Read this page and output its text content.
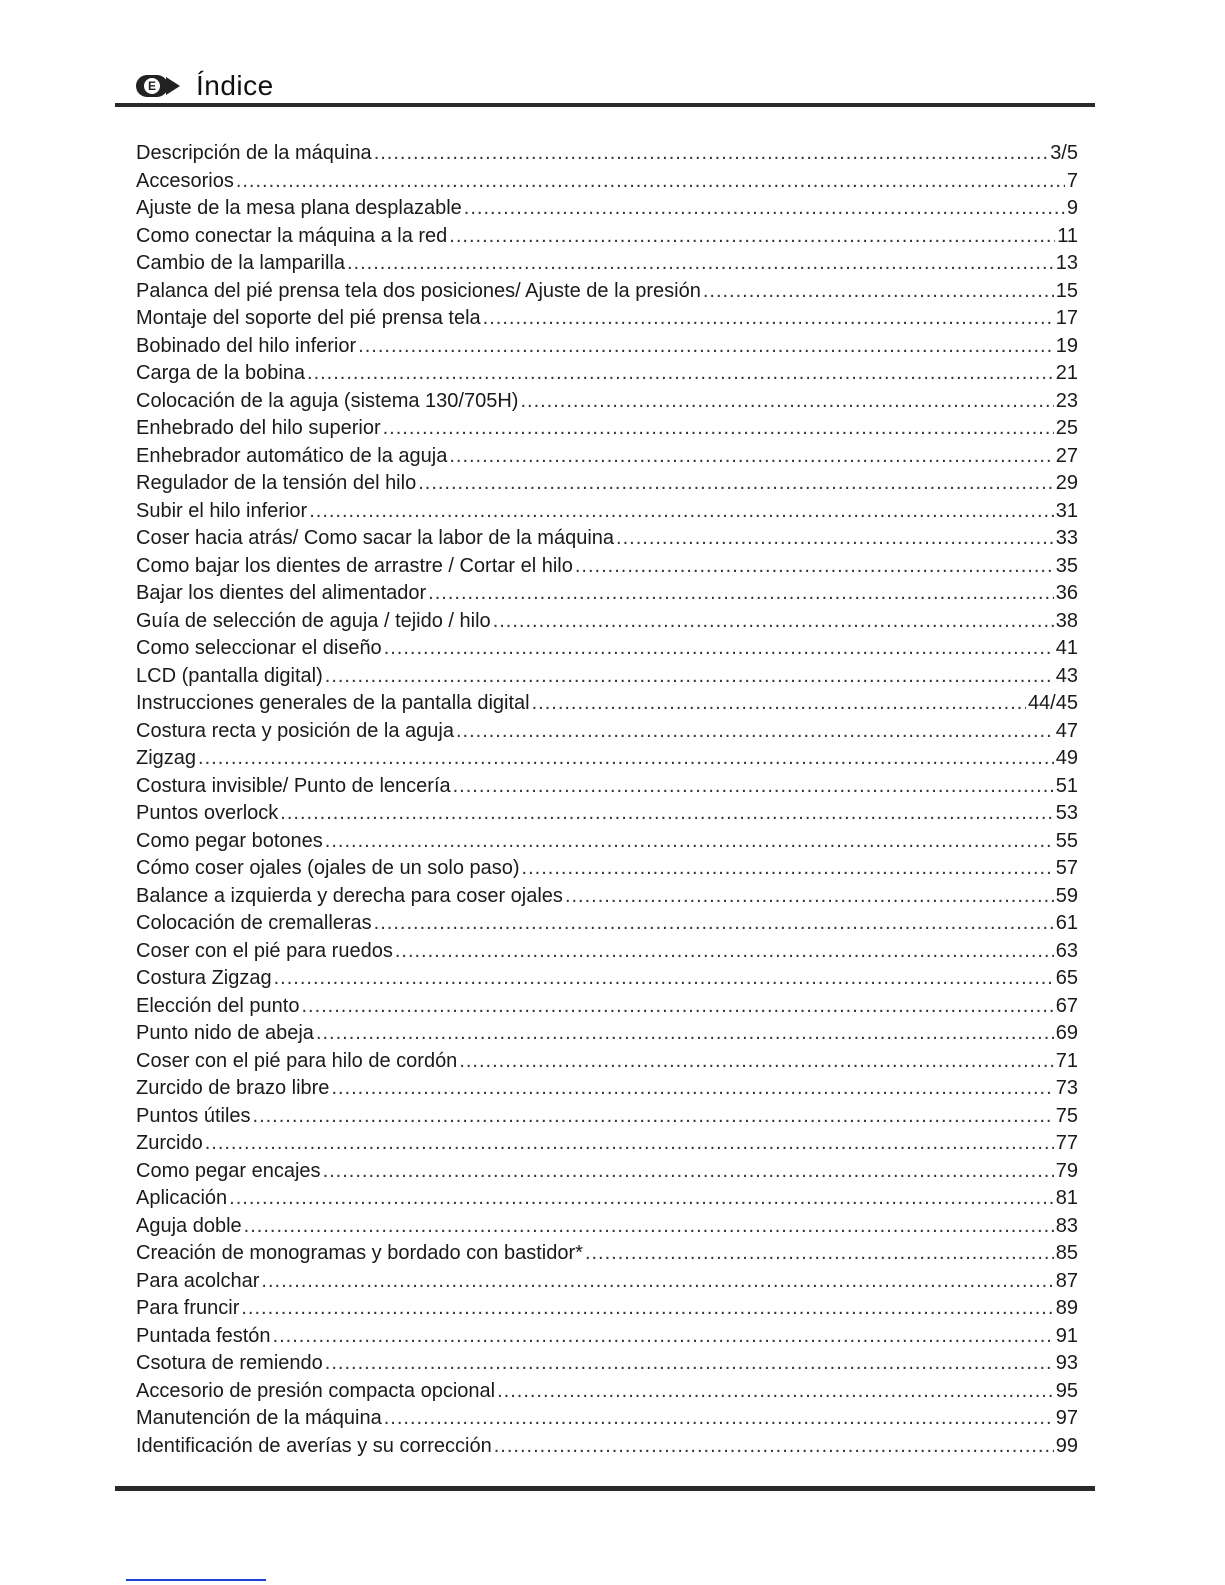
E Índice
Descripción de la máquina .....	3/5
Accesorios .....	7
Ajuste de la mesa plana desplazable .....	9
Como conectar la máquina a la red .....	11
Cambio de la lamparilla .....	13
Palanca del pié prensa tela dos posiciones/ Ajuste de la presión .....	15
Montaje del soporte del pié prensa tela .....	17
Bobinado del hilo inferior .....	19
Carga de la bobina .....	21
Colocación de la aguja (sistema 130/705H) .....	23
Enhebrado del hilo superior .....	25
Enhebrador automático de la aguja .....	27
Regulador de la tensión del hilo .....	29
Subir el hilo inferior .....	31
Coser hacia atrás/ Como sacar la labor de la máquina .....	33
Como bajar los dientes de arrastre / Cortar el hilo .....	35
Bajar los dientes del alimentador .....	36
Guía de selección de aguja / tejido / hilo .....	38
Como seleccionar el diseño .....	41
LCD (pantalla digital) .....	43
Instrucciones generales de la pantalla digital .....	44/45
Costura recta y posición de la aguja .....	47
Zigzag .....	49
Costura invisible/ Punto de lencería .....	51
Puntos overlock .....	53
Como pegar botones .....	55
Cómo coser ojales (ojales de un solo paso) .....	57
Balance a izquierda y derecha para coser ojales .....	59
Colocación de cremalleras .....	61
Coser con el pié para ruedos .....	63
Costura Zigzag .....	65
Elección del punto .....	67
Punto nido de abeja .....	69
Coser con el pié para hilo de cordón .....	71
Zurcido de brazo libre .....	73
Puntos útiles .....	75
Zurcido .....	77
Como pegar encajes .....	79
Aplicación .....	81
Aguja doble .....	83
Creación de monogramas y bordado con bastidor* .....	85
Para acolchar .....	87
Para fruncir .....	89
Puntada festón .....	91
Csotura de remiendo .....	93
Accesorio de presión compacta opcional .....	95
Manutención de la máquina .....	97
Identificación de averías y su corrección .....	99
